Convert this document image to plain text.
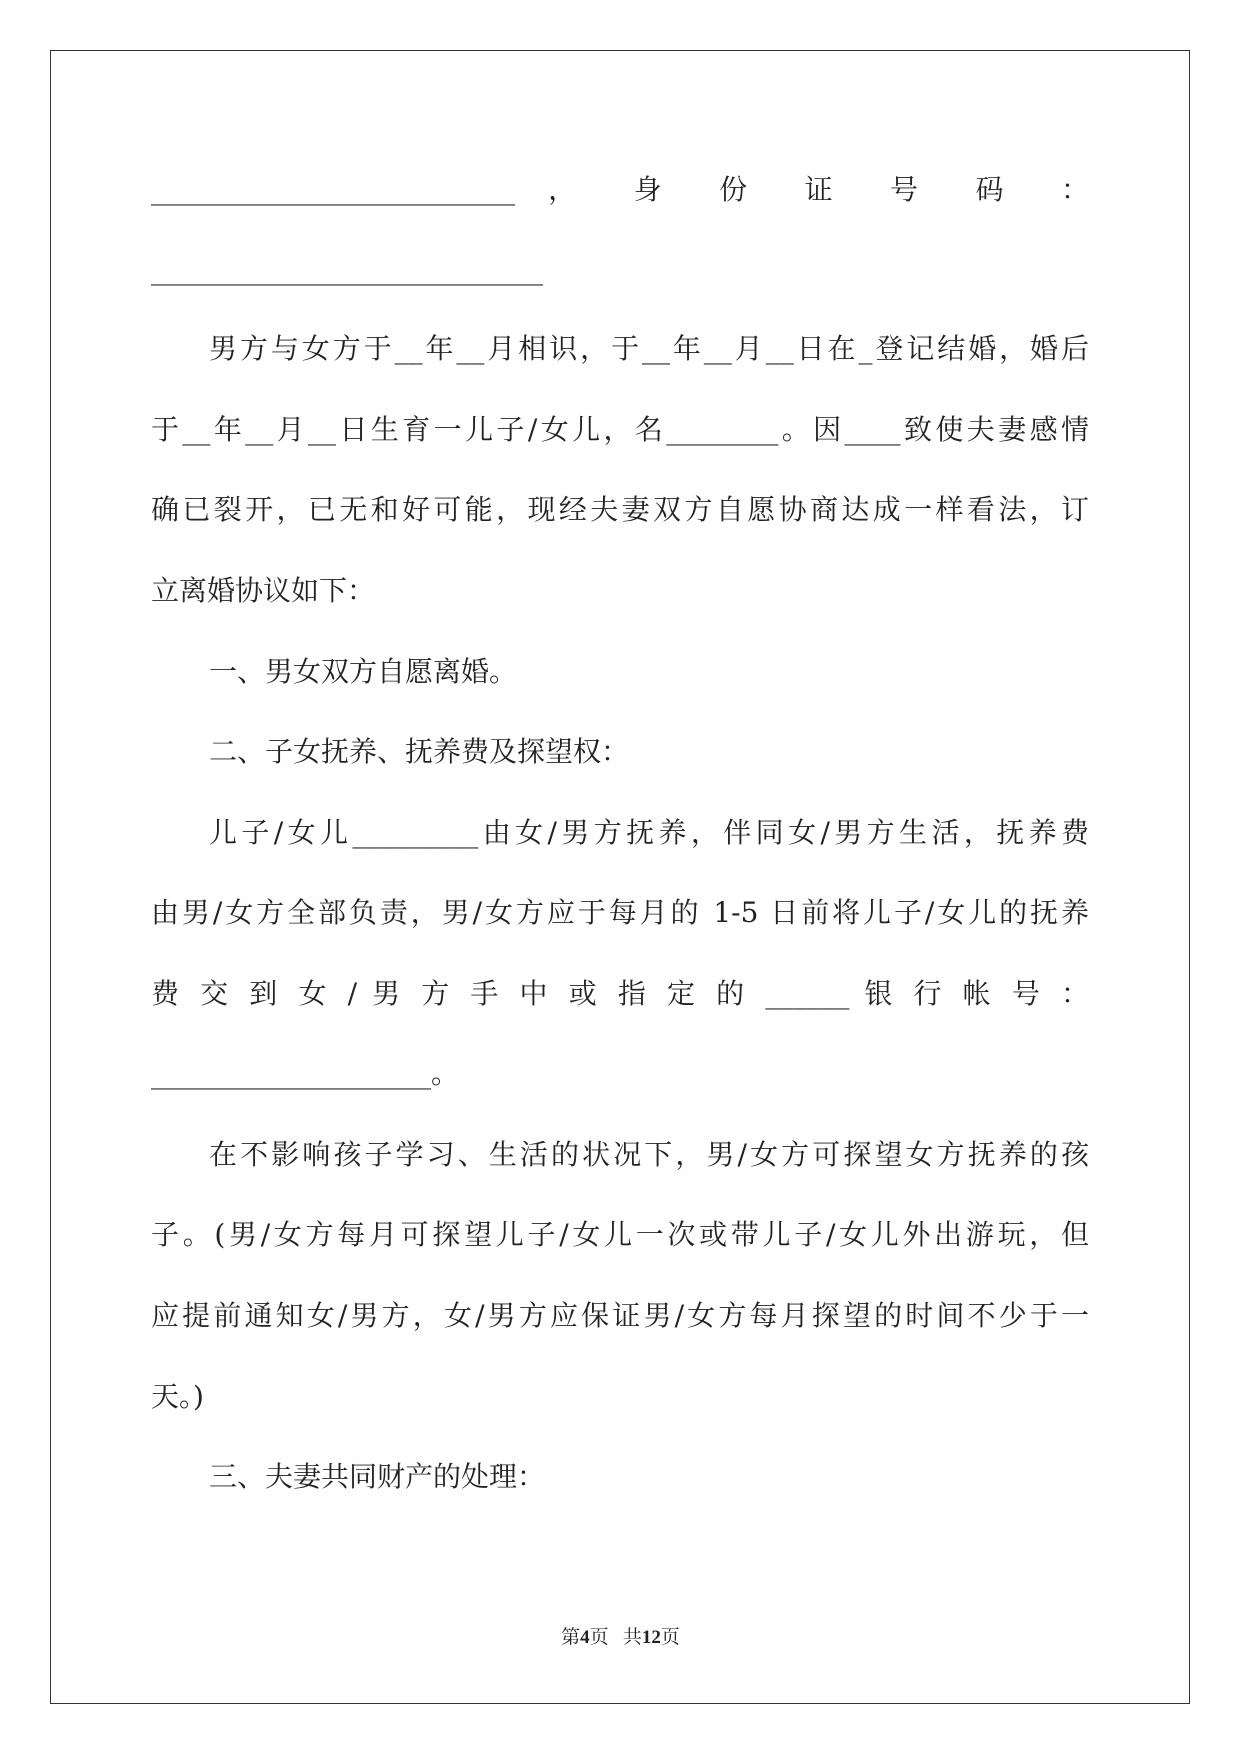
__________________________ ， 身 份 证 号 码 ：
____________________________
男方与女方于__年__月相识，于__年__月__日在_登记结婚，婚后
于__年__月__日生育一儿子/女儿，名________。因____致使夫妻感情
确已裂开，已无和好可能，现经夫妻双方自愿协商达成一样看法，订
立离婚协议如下：
一、男女双方自愿离婚。
二、子女抚养、抚养费及探望权：
儿子/女儿_________由女/男方抚养，伴同女/男方生活，抚养费
由男/女方全部负责，男/女方应于每月的 1-5 日前将儿子/女儿的抚养
费 交 到 女 / 男 方 手 中 或 指 定 的 ______ 银 行 帐 号 ：
____________________。
在不影响孩子学习、生活的状况下，男/女方可探望女方抚养的孩
子。(男/女方每月可探望儿子/女儿一次或带儿子/女儿外出游玩，但
应提前通知女/男方，女/男方应保证男/女方每月探望的时间不少于一
天。)
三、夫妻共同财产的处理：
第4页 共12页
